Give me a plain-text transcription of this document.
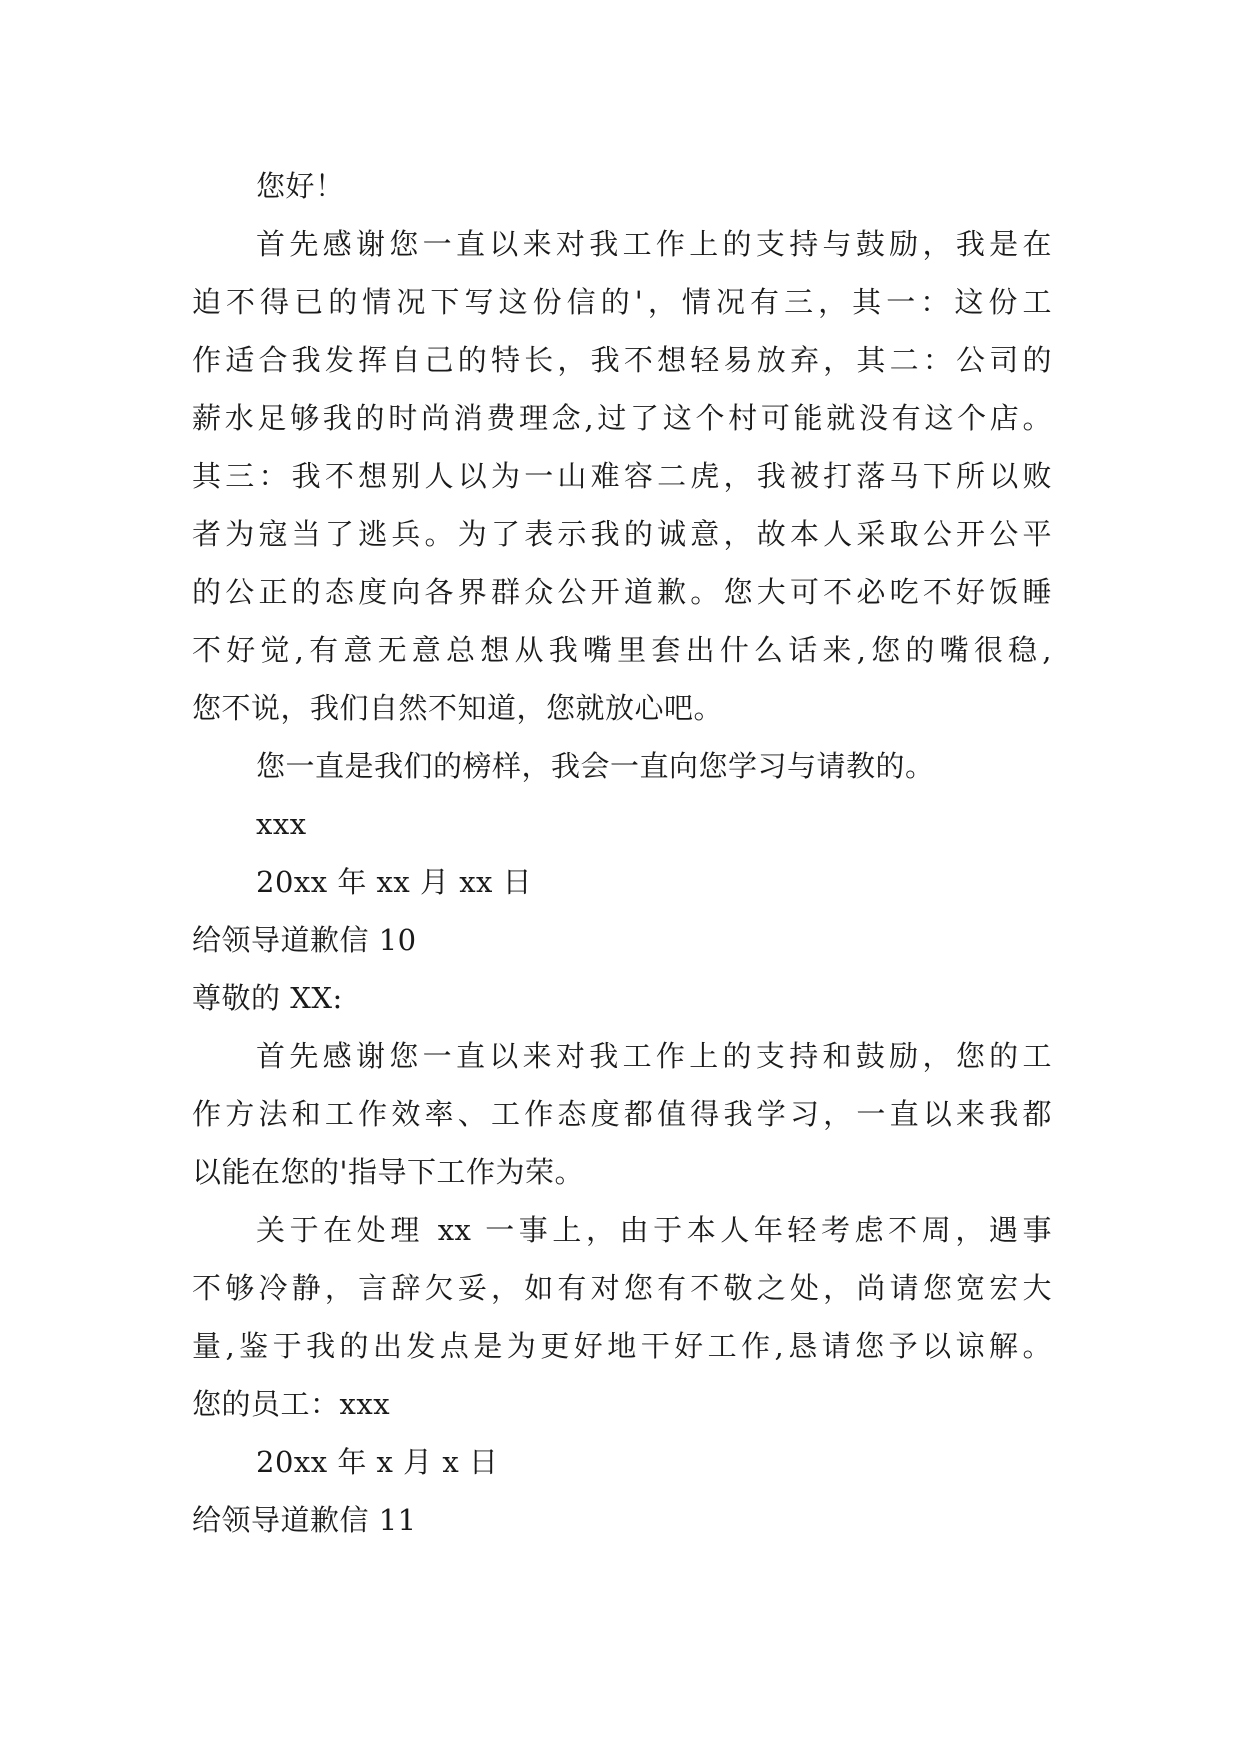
您好！
首先感谢您一直以来对我工作上的支持与鼓励，我是在
迫不得已的情况下写这份信的'，情况有三，其一：这份工
作适合我发挥自己的特长，我不想轻易放弃，其二：公司的
薪水足够我的时尚消费理念,过了这个村可能就没有这个店。
其三：我不想别人以为一山难容二虎，我被打落马下所以败
者为寇当了逃兵。为了表示我的诚意，故本人采取公开公平
的公正的态度向各界群众公开道歉。您大可不必吃不好饭睡
不好觉,有意无意总想从我嘴里套出什么话来,您的嘴很稳,
您不说，我们自然不知道，您就放心吧。
您一直是我们的榜样，我会一直向您学习与请教的。
xxx
20xx 年 xx 月 xx 日
给领导道歉信 10
尊敬的 XX:
首先感谢您一直以来对我工作上的支持和鼓励，您的工
作方法和工作效率、工作态度都值得我学习，一直以来我都
以能在您的'指导下工作为荣。
关于在处理 xx 一事上，由于本人年轻考虑不周，遇事
不够冷静，言辞欠妥，如有对您有不敬之处，尚请您宽宏大
量,鉴于我的出发点是为更好地干好工作,恳请您予以谅解。
您的员工：xxx
20xx 年 x 月 x 日
给领导道歉信 11
